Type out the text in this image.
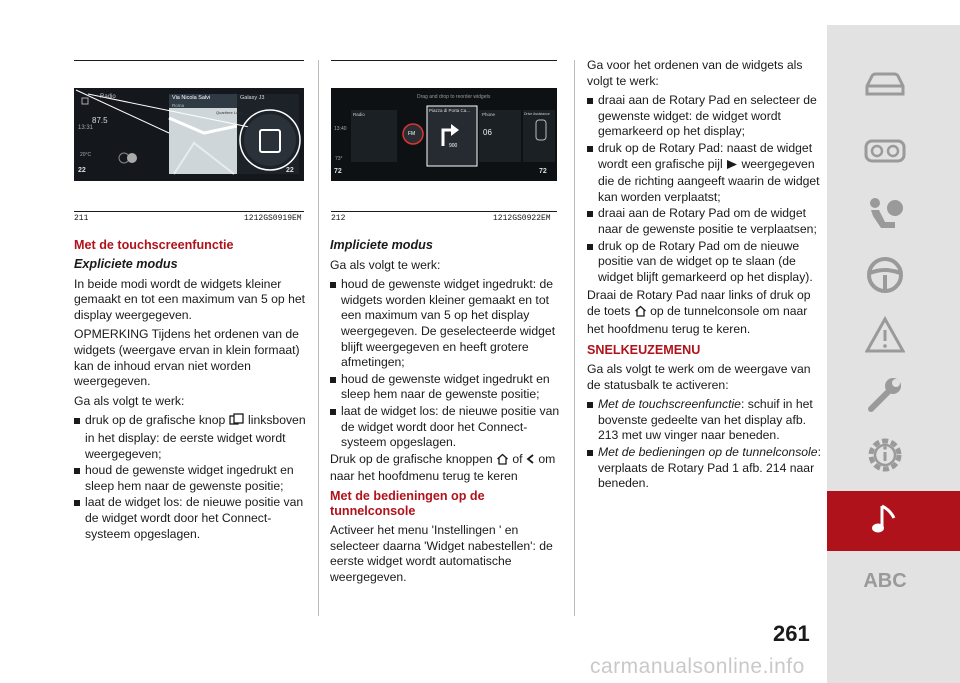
Radio
87.5
13:31
20°C
22	22
Via Nicola Salvi
Roma
Galaxy J3
Quartiere Lopp...
211	1212GS0919EM
Drag and drop to reorder widgets
Piazza di Porta Ca...
Radio
FM
13:40
73°
72	72
900
Phone	Drive Assistance
06
212	1212GS0922EM

Met de touchscreenfunctie

Expliciete modus

In beide modi wordt de widgets kleiner gemaakt en tot een maximum van 5 op het display weergegeven.

OPMERKING Tijdens het ordenen van de widgets (weergave ervan in klein formaat) kan de inhoud ervan niet worden weergegeven.

Ga als volgt te werk:

druk op de grafische knop linksboven in het display: de eerste widget wordt weergegeven;
houd de gewenste widget ingedrukt en sleep hem naar de gewenste positie;
laat de widget los: de nieuwe positie van de widget wordt door het Connect-systeem opgeslagen.

Impliciete modus

Ga als volgt te werk:

houd de gewenste widget ingedrukt: de widgets worden kleiner gemaakt en tot een maximum van 5 op het display weergegeven. De geselecteerde widget blijft weergegeven en heeft grotere afmetingen;
houd de gewenste widget ingedrukt en sleep hem naar de gewenste positie;
laat de widget los: de nieuwe positie van de widget wordt door het Connect-systeem opgeslagen.

Druk op de grafische knoppen of om naar het hoofdmenu terug te keren

Met de bedieningen op de tunnelconsole

Activeer het menu 'Instellingen ' en selecteer daarna 'Widget nabestellen': de eerste widget wordt automatische weergegeven.

Ga voor het ordenen van de widgets als volgt te werk:

draai aan de Rotary Pad en selecteer de gewenste widget: de widget wordt gemarkeerd op het display;
druk op de Rotary Pad: naast de widget wordt een grafische pijl weergegeven die de richting aangeeft waarin de widget kan worden verplaatst;
draai aan de Rotary Pad om de widget naar de gewenste positie te verplaatsen;
druk op de Rotary Pad om de nieuwe positie van de widget op te slaan (de widget blijft gemarkeerd op het display).

Draai de Rotary Pad naar links of druk op de toets op de tunnelconsole om naar het hoofdmenu terug te keren.

SNELKEUZEMENU

Ga als volgt te werk om de weergave van de statusbalk te activeren:

Met de touchscreenfunctie: schuif in het bovenste gedeelte van het display afb. 213 met uw vinger naar beneden.
Met de bedieningen op de tunnelconsole: verplaats de Rotary Pad 1 afb. 214 naar beneden.
ABC
261
carmanualsonline.info
